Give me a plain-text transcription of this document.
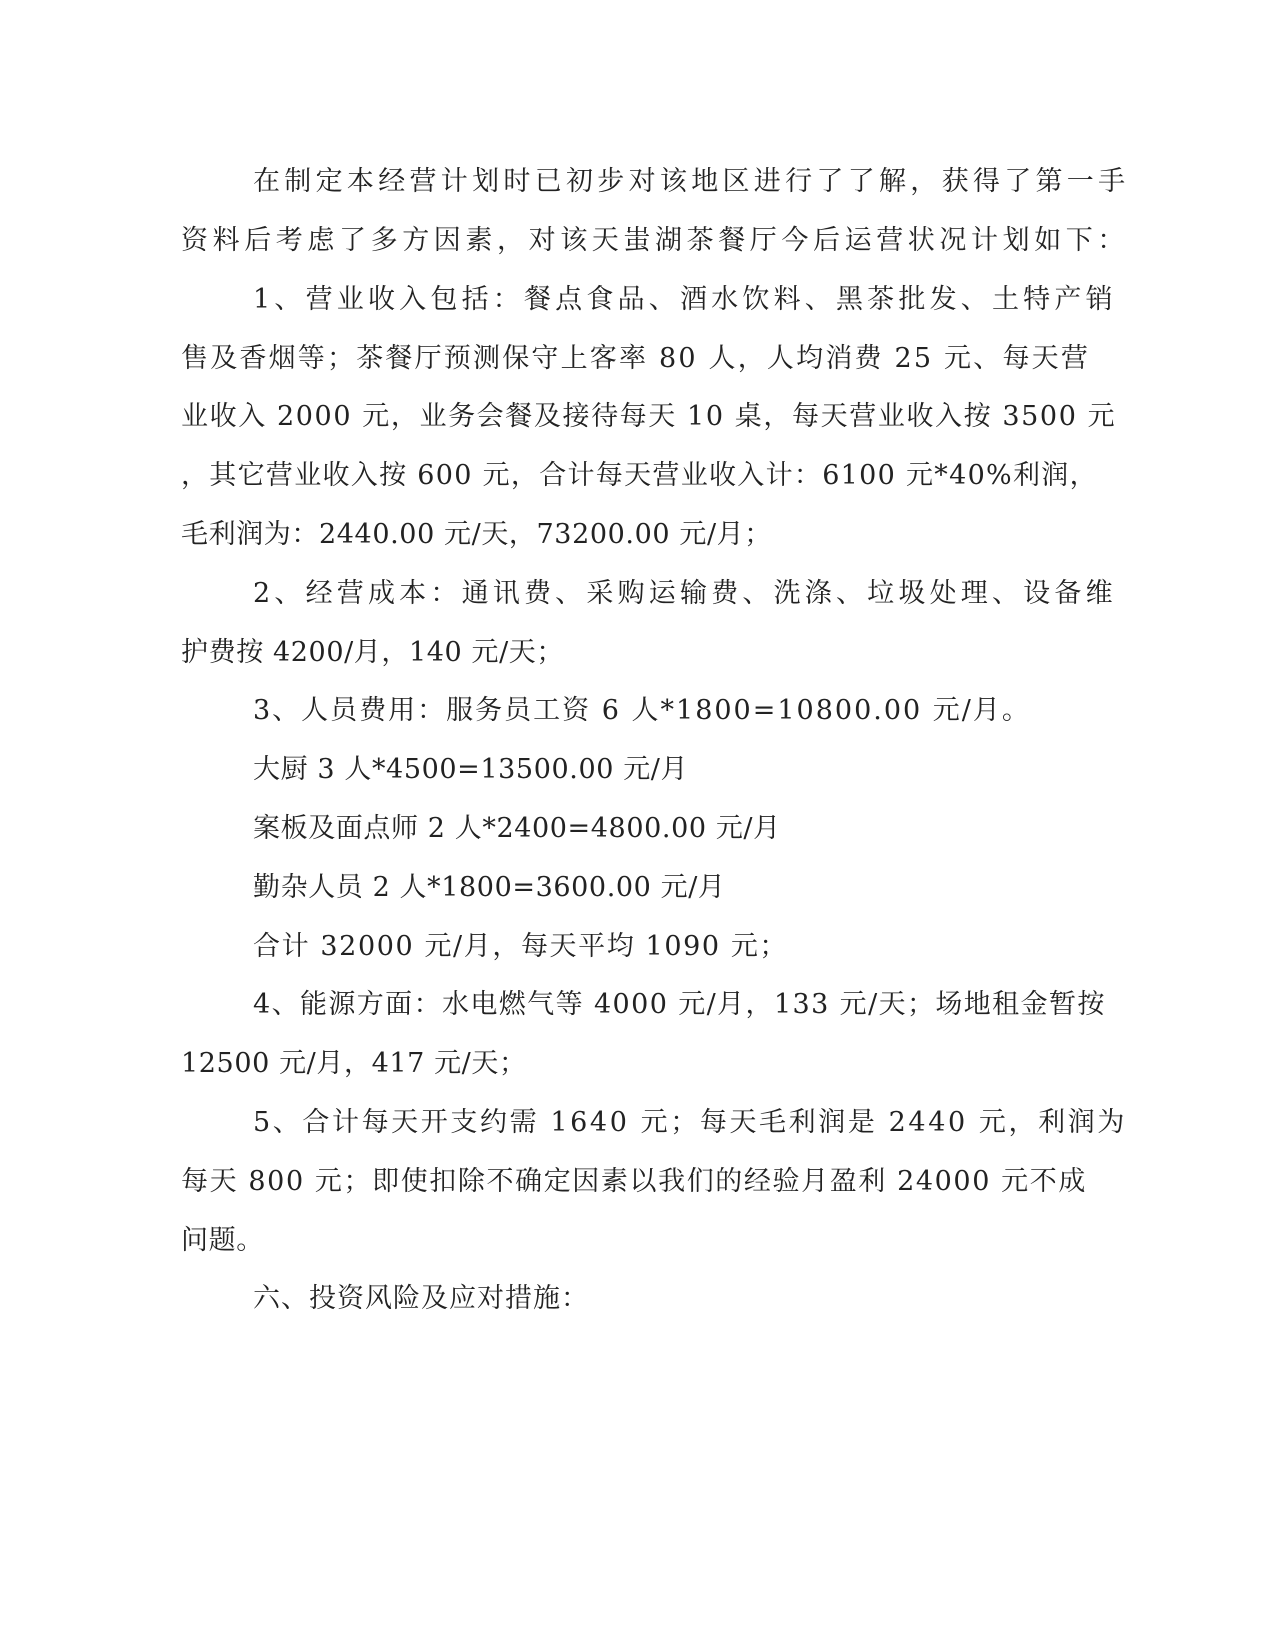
在制定本经营计划时已初步对该地区进行了了解，获得了第一手
资料后考虑了多方因素，对该天蚩湖茶餐厅今后运营状况计划如下：
1、营业收入包括：餐点食品、酒水饮料、黑茶批发、土特产销
售及香烟等；茶餐厅预测保守上客率 80 人，人均消费 25 元、每天营
业收入 2000 元，业务会餐及接待每天 10 桌，每天营业收入按 3500 元
，其它营业收入按 600 元，合计每天营业收入计：6100 元*40%利润，
毛利润为：2440.00 元/天，73200.00 元/月；
2、经营成本：通讯费、采购运输费、洗涤、垃圾处理、设备维
护费按 4200/月，140 元/天；
3、人员费用：服务员工资 6 人*1800=10800.00 元/月。
大厨 3 人*4500=13500.00 元/月
案板及面点师 2 人*2400=4800.00 元/月
勤杂人员 2 人*1800=3600.00 元/月
合计 32000 元/月，每天平均 1090 元；
4、能源方面：水电燃气等 4000 元/月，133 元/天；场地租金暂按
12500 元/月，417 元/天；
5、合计每天开支约需 1640 元；每天毛利润是 2440 元，利润为
每天 800 元；即使扣除不确定因素以我们的经验月盈利 24000 元不成
问题。
六、投资风险及应对措施：
